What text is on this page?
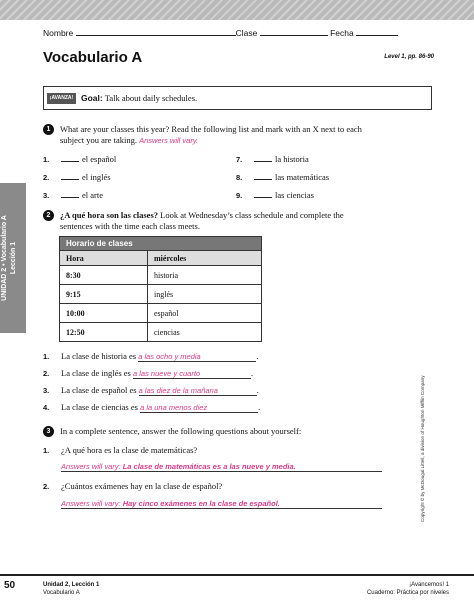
Nombre	Clase	Fecha
Vocabulario A	Level 1, pp. 86-90
¡AVANZA! Goal: Talk about daily schedules.
UNIDAD 2 • Vocabulario A Lección 1
1	What are your classes this year? Read the following list and mark with an X next to each
subject you are taking. Answers will vary.
1.	el español
2.	el inglés
3.	el arte
7.	la historia
8.	las matemáticas
9.	las ciencias
2	¿A qué hora son las clases? Look at Wednesday’s class schedule and complete the
sentences with the time each class meets.
Horario de clases	
Hora	miércoles
8:30	historia
9:15	inglés
10:00	español
12:50	ciencias
1. La clase de historia es a las ocho y media	.
2. La clase de inglés es a las nueve y cuarto	.
3. La clase de español es a las diez de la mañana	.
4. La clase de ciencias es a la una menos diez	.
3	In a complete sentence, answer the following questions about yourself:
1. ¿A qué hora es la clase de matemáticas?
Answers will vary: La clase de matemáticas es a las nueve y media.
2. ¿Cuántos exámenes hay en la clase de español?
Answers will vary: Hay cinco exámenes en la clase de español.	Copyright © by McDougal Littell, a division of Houghton Mifflin Company
50	Unidad 2, Lección 1
Vocabulario A
¡Avancemos! 1
Cuaderno: Práctica por niveles
